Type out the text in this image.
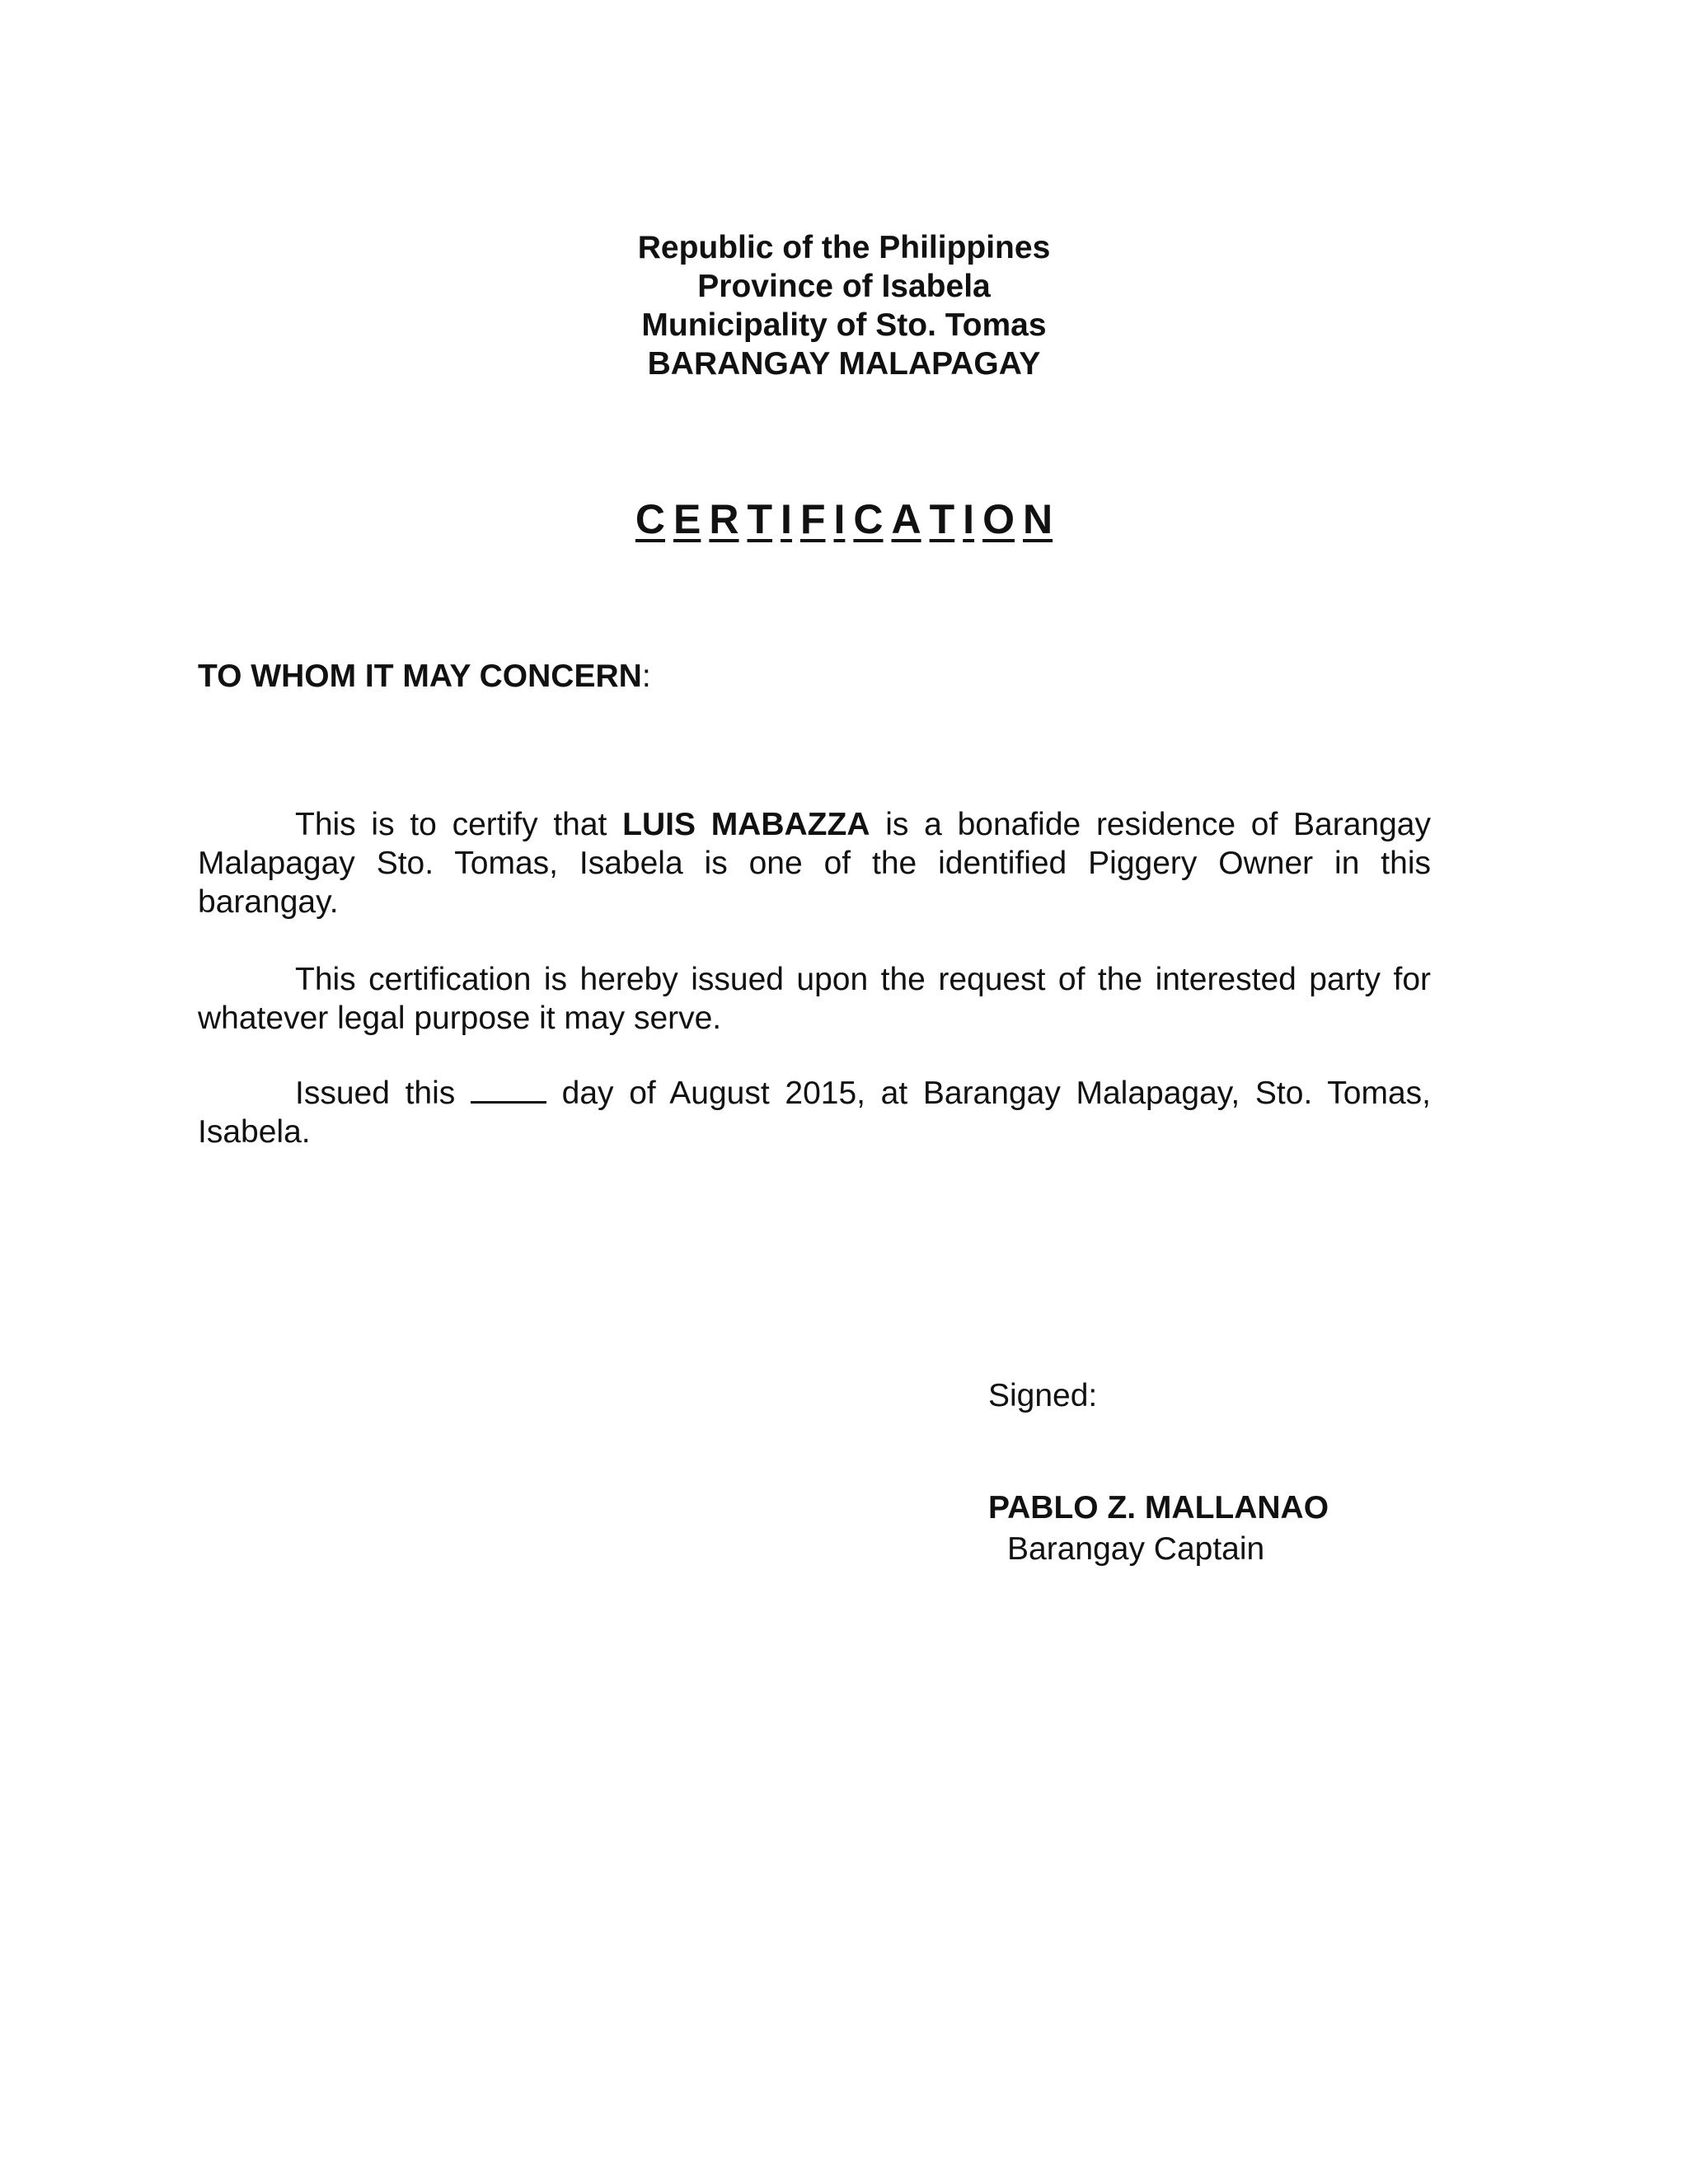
Republic of the Philippines
Province of Isabela
Municipality of Sto. Tomas
BARANGAY MALAPAGAY
C E R T I F I C A T I O N
TO WHOM IT MAY CONCERN:
This is to certify that LUIS MABAZZA is a bonafide residence of Barangay Malapagay Sto. Tomas, Isabela is one of the identified Piggery Owner in this barangay.
This certification is hereby issued upon the request of the interested party for whatever legal purpose it may serve.
Issued this  day of August 2015, at Barangay Malapagay, Sto. Tomas, Isabela.
Signed:
PABLO Z. MALLANAO
Barangay Captain
